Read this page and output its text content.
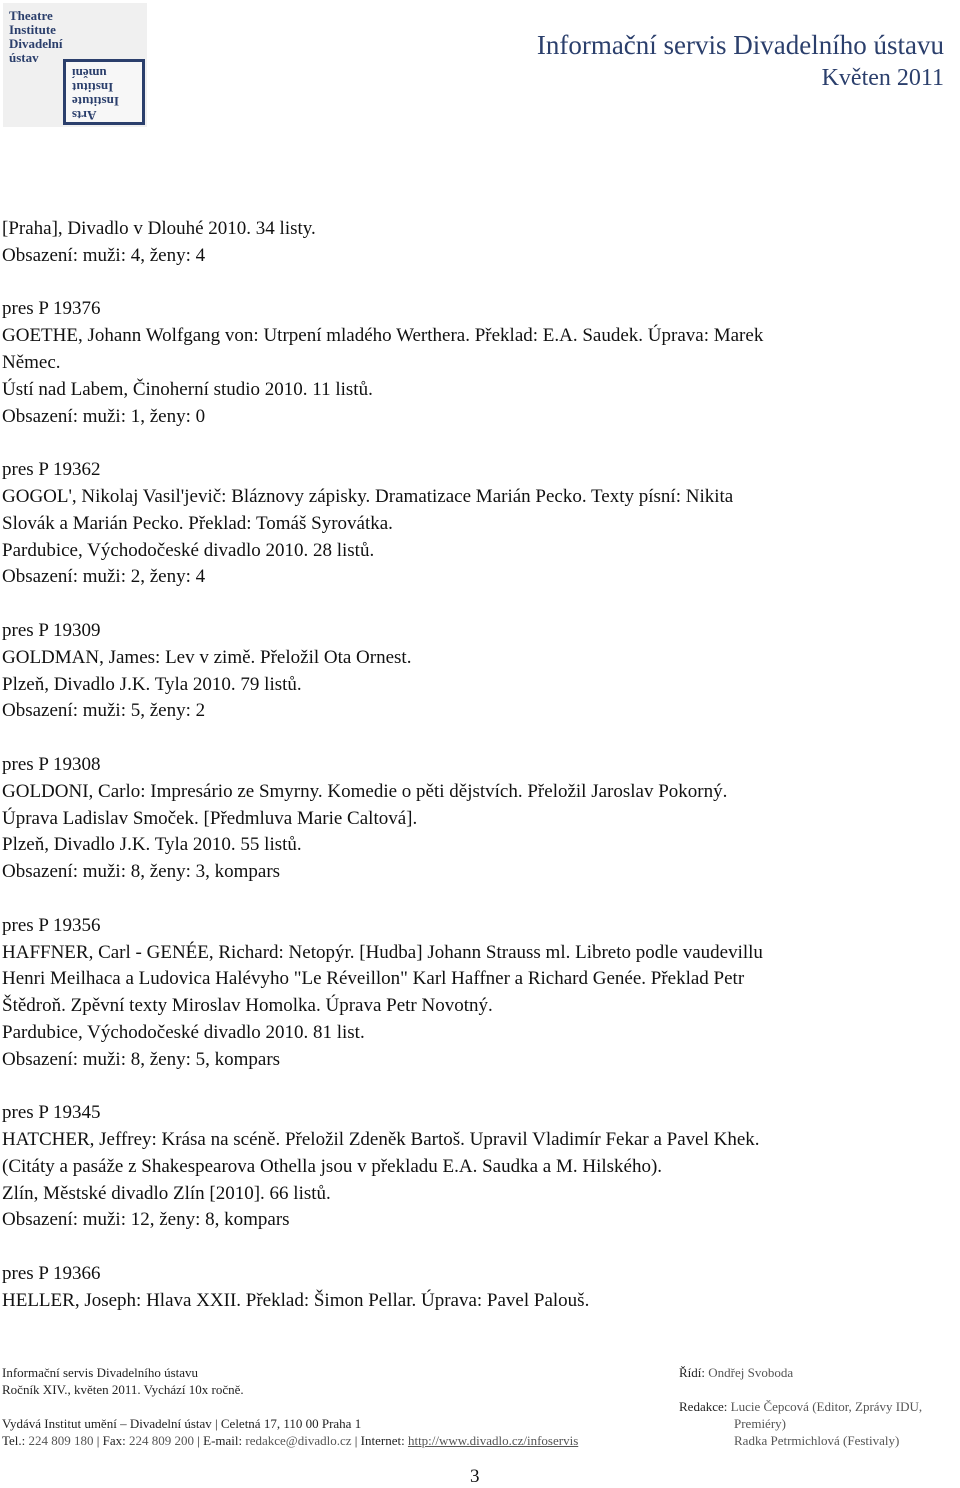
Theatre
Institute
Divadelní
ústav
Arts
Institute
Institut
umění
Informační servis Divadelního ústavu
Květen 2011
[Praha], Divadlo v Dlouhé 2010. 34 listy.
Obsazení: muži: 4, ženy: 4
pres P 19376
GOETHE, Johann Wolfgang von: Utrpení mladého Werthera. Překlad: E.A. Saudek. Úprava: Marek
Němec.
Ústí nad Labem, Činoherní studio 2010. 11 listů.
Obsazení: muži: 1, ženy: 0
pres P 19362
GOGOL', Nikolaj Vasil'jevič: Bláznovy zápisky. Dramatizace Marián Pecko. Texty písní: Nikita
Slovák a Marián Pecko. Překlad: Tomáš Syrovátka.
Pardubice, Východočeské divadlo 2010. 28 listů.
Obsazení: muži: 2, ženy: 4
pres P 19309
GOLDMAN, James: Lev v zimě. Přeložil Ota Ornest.
Plzeň, Divadlo J.K. Tyla 2010. 79 listů.
Obsazení: muži: 5, ženy: 2
pres P 19308
GOLDONI, Carlo: Impresário ze Smyrny. Komedie o pěti dějstvích. Přeložil Jaroslav Pokorný.
Úprava Ladislav Smoček. [Předmluva Marie Caltová].
Plzeň, Divadlo J.K. Tyla 2010. 55 listů.
Obsazení: muži: 8, ženy: 3, kompars
pres P 19356
HAFFNER, Carl - GENÉE, Richard: Netopýr. [Hudba] Johann Strauss ml. Libreto podle vaudevillu
Henri Meilhaca a Ludovica Halévyho "Le Réveillon" Karl Haffner a Richard Genée. Překlad Petr
Štědroň. Zpěvní texty Miroslav Homolka. Úprava Petr Novotný.
Pardubice, Východočeské divadlo 2010. 81 list.
Obsazení: muži: 8, ženy: 5, kompars
pres P 19345
HATCHER, Jeffrey: Krása na scéně. Přeložil Zdeněk Bartoš. Upravil Vladimír Fekar a Pavel Khek.
(Citáty a pasáže z Shakespearova Othella jsou v překladu E.A. Saudka a M. Hilského).
Zlín, Městské divadlo Zlín [2010]. 66 listů.
Obsazení: muži: 12, ženy: 8, kompars
pres P 19366
HELLER, Joseph: Hlava XXII. Překlad: Šimon Pellar. Úprava: Pavel Palouš.
Informační servis Divadelního ústavu
Ročník XIV., květen 2011. Vychází 10x ročně.
Vydává Institut umění – Divadelní ústav | Celetná 17, 110 00 Praha 1
Tel.: 224 809 180 | Fax: 224 809 200 | E-mail: redakce@divadlo.cz | Internet: http://www.divadlo.cz/infoservis
Řídí: Ondřej Svoboda
Redakce: Lucie Čepcová (Editor, Zprávy IDU,
Premiéry)
Radka Petrmichlová (Festivaly)
3
